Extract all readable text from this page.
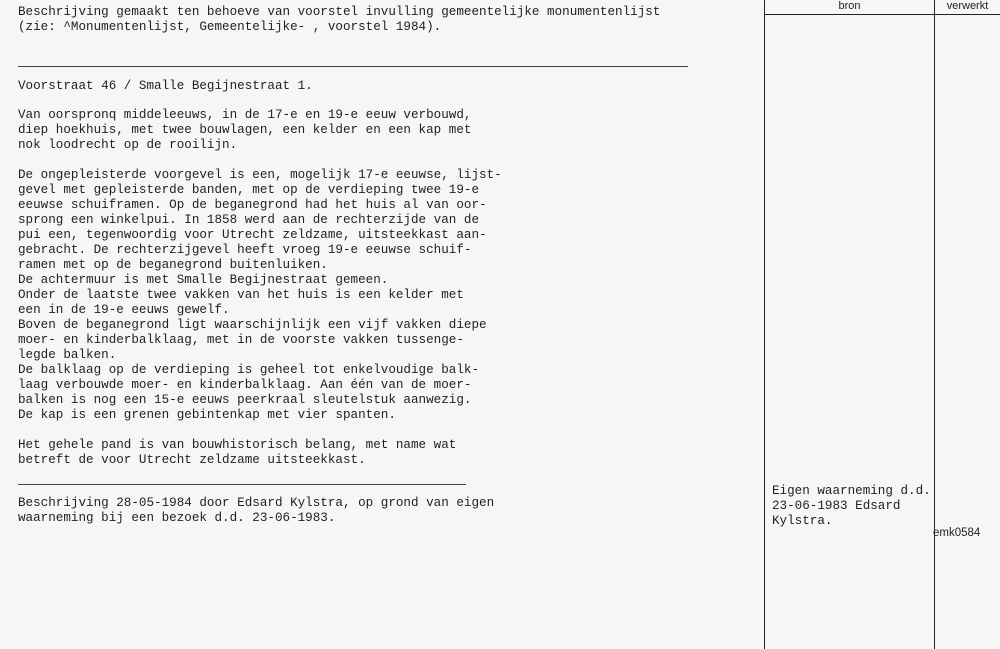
Beschrijving gemaakt ten behoeve van voorstel invulling gemeentelijke monumentenlijst
(zie: ^Monumentenlijst, Gemeentelijke- , voorstel 1984).
Voorstraat 46 / Smalle Begijnestraat 1.
Van oorspronq middeleeuws, in de 17-e en 19-e eeuw verbouwd,
diep hoekhuis, met twee bouwlagen, een kelder en een kap met
nok loodrecht op de rooilijn.
De ongepleisterde voorgevel is een, mogelijk 17-e eeuwse, lijst-
gevel met gepleisterde banden, met op de verdieping twee 19-e
eeuwse schuiframen. Op de beganegrond had het huis al van oor-
sprong een winkelpui. In 1858 werd aan de rechterzijde van de
pui een, tegenwoordig voor Utrecht zeldzame, uitsteekkast aan-
gebracht. De rechterzijgevel heeft vroeg 19-e eeuwse schuif-
ramen met op de beganegrond buitenluiken.
De achtermuur is met Smalle Begijnestraat gemeen.
Onder de laatste twee vakken van het huis is een kelder met
een in de 19-e eeuws gewelf.
Boven de beganegrond ligt waarschijnlijk een vijf vakken diepe
moer- en kinderbalklaag, met in de voorste vakken tussenge-
legde balken.
De balklaag op de verdieping is geheel tot enkelvoudige balk-
laag verbouwde moer- en kinderbalklaag. Aan één van de moer-
balken is nog een 15-e eeuws peerkraal sleutelstuk aanwezig.
De kap is een grenen gebintenkap met vier spanten.
Het gehele pand is van bouwhistorisch belang, met name wat
betreft de voor Utrecht zeldzame uitsteekkast.
Beschrijving 28-05-1984 door Edsard Kylstra, op grond van eigen
waarneming bij een bezoek d.d. 23-06-1983.
bron	verwerkt
Eigen waarneming d.d.
23-06-1983 Edsard
Kylstra.
emk0584
